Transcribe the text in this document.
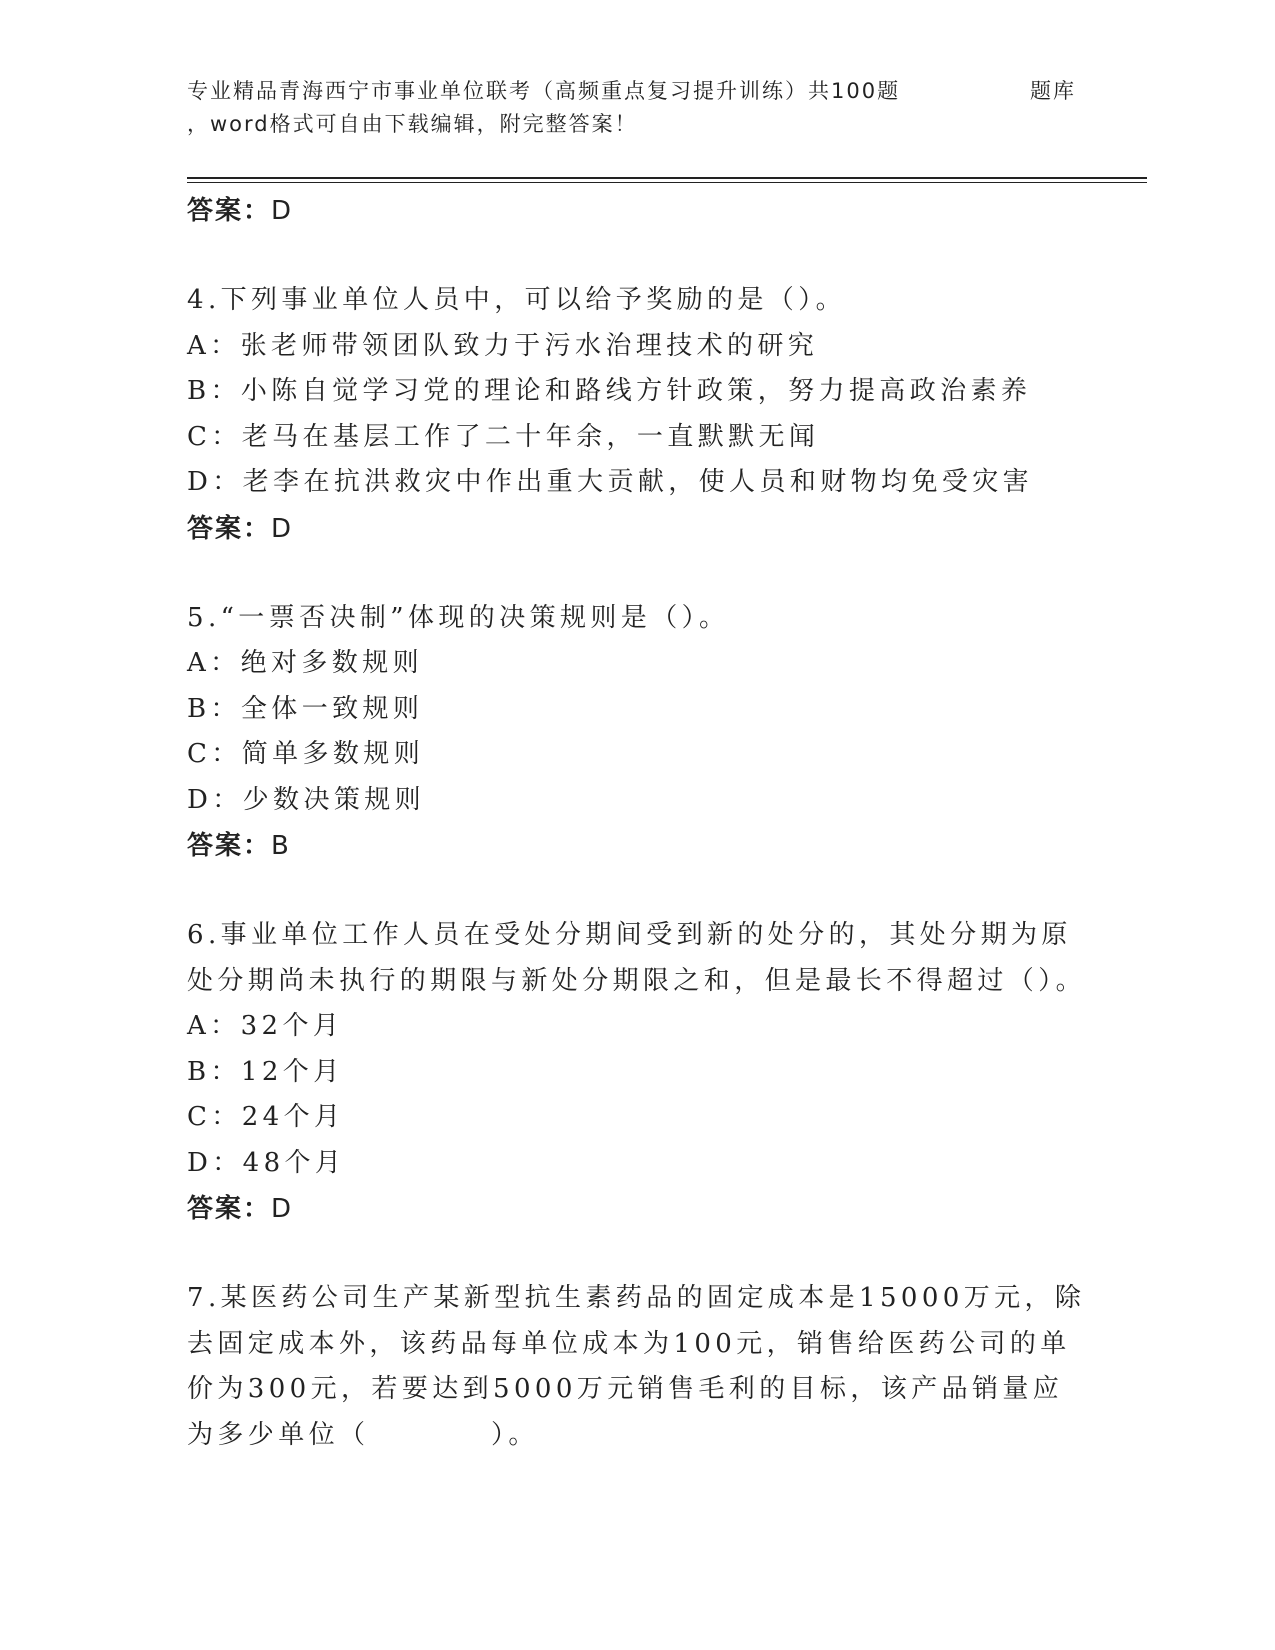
专业精品青海西宁市事业单位联考（高频重点复习提升训练）共100题	题库
，word格式可自由下载编辑，附完整答案！
答案：D
4.下列事业单位人员中，可以给予奖励的是（）。
A：张老师带领团队致力于污水治理技术的研究
B：小陈自觉学习党的理论和路线方针政策，努力提高政治素养
C：老马在基层工作了二十年余，一直默默无闻
D：老李在抗洪救灾中作出重大贡献，使人员和财物均免受灾害
答案：D
5.“一票否决制”体现的决策规则是（）。
A：绝对多数规则
B：全体一致规则
C：简单多数规则
D：少数决策规则
答案：B
6.事业单位工作人员在受处分期间受到新的处分的，其处分期为原处分期尚未执行的期限与新处分期限之和，但是最长不得超过（）。
A：32个月
B：12个月
C：24个月
D：48个月
答案：D
7.某医药公司生产某新型抗生素药品的固定成本是15000万元，除去固定成本外，该药品每单位成本为100元，销售给医药公司的单价为300元，若要达到5000万元销售毛利的目标，该产品销量应为多少单位（　　　　）。
